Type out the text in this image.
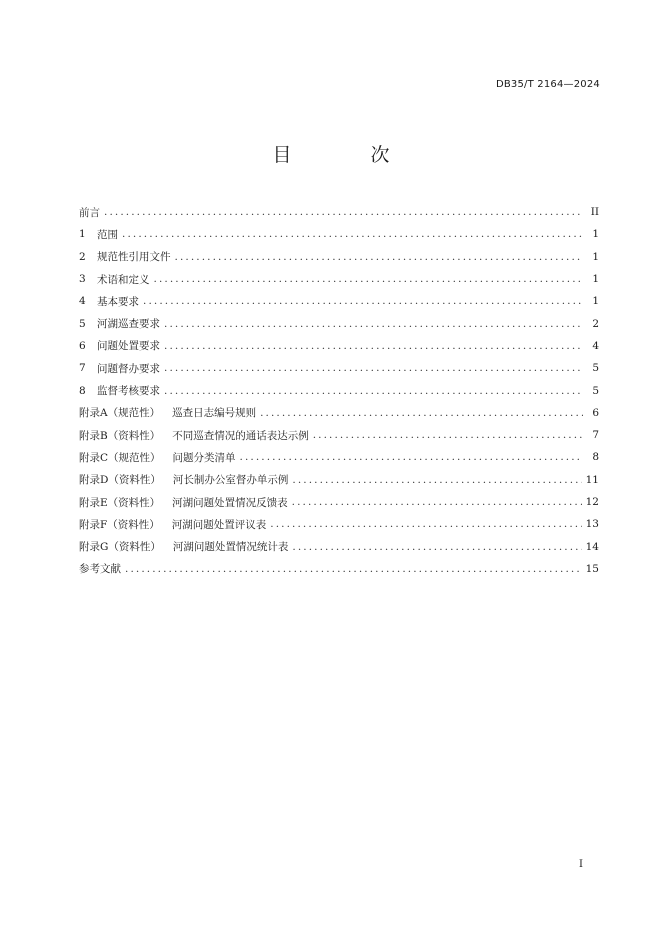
DB35/T 2164—2024
目　次
前言 .....	II
1	范围 .....	1
2	规范性引用文件 .....	1
3	术语和定义 .....	1
4	基本要求 .....	1
5	河湖巡查要求 .....	2
6	问题处置要求 .....	4
7	问题督办要求 .....	5
8	监督考核要求 .....	5
附录A（规范性） 巡查日志编号规则 .....	6
附录B（资料性） 不同巡查情况的通话表达示例 .....	7
附录C（规范性） 问题分类清单 .....	8
附录D（资料性） 河长制办公室督办单示例 .....	11
附录E（资料性） 河湖问题处置情况反馈表 .....	12
附录F（资料性） 河湖问题处置评议表 .....	13
附录G（资料性） 河湖问题处置情况统计表 .....	14
参考文献 .....	15
I
